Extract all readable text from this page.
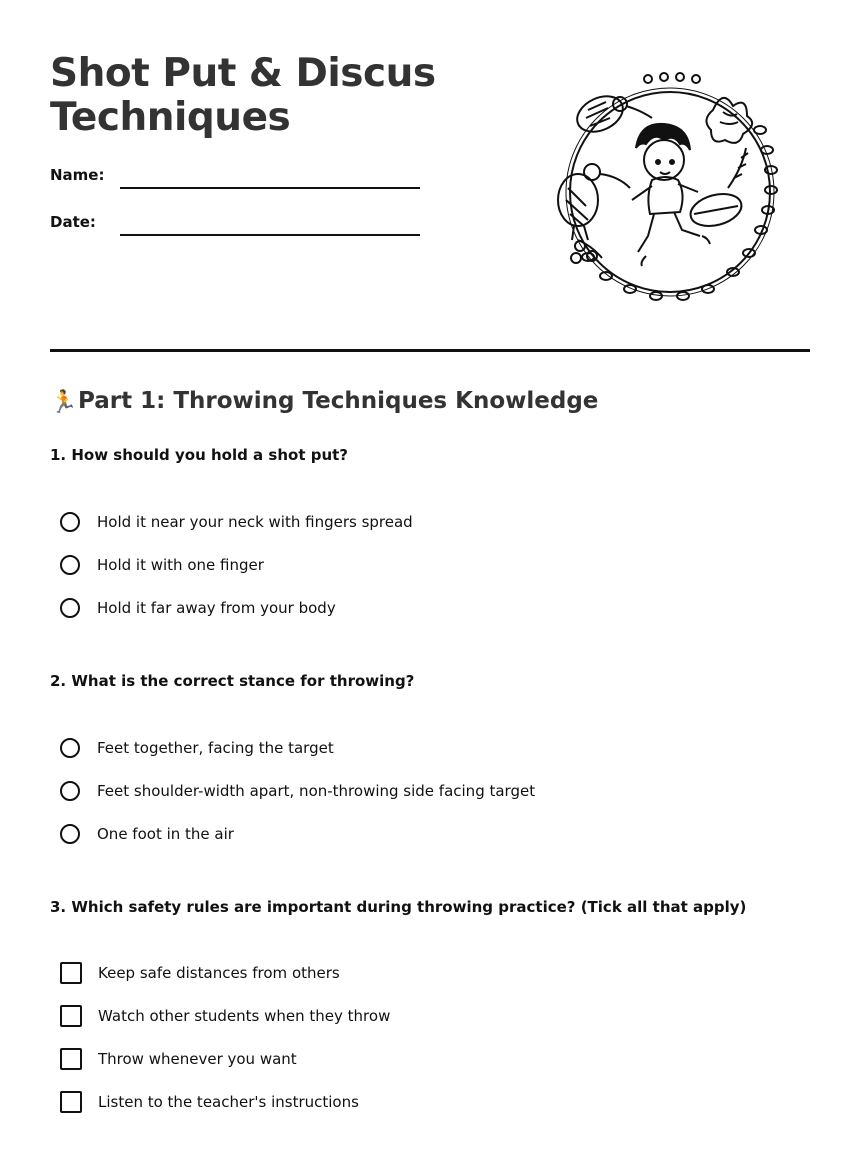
Shot Put & Discus Techniques
Name:
Date:
🏃Part 1: Throwing Techniques Knowledge

1. How should you hold a shot put?

Hold it near your neck with fingers spread
Hold it with one finger
Hold it far away from your body

2. What is the correct stance for throwing?

Feet together, facing the target
Feet shoulder-width apart, non-throwing side facing target
One foot in the air

3. Which safety rules are important during throwing practice? (Tick all that apply)

Keep safe distances from others
Watch other students when they throw
Throw whenever you want
Listen to the teacher's instructions
